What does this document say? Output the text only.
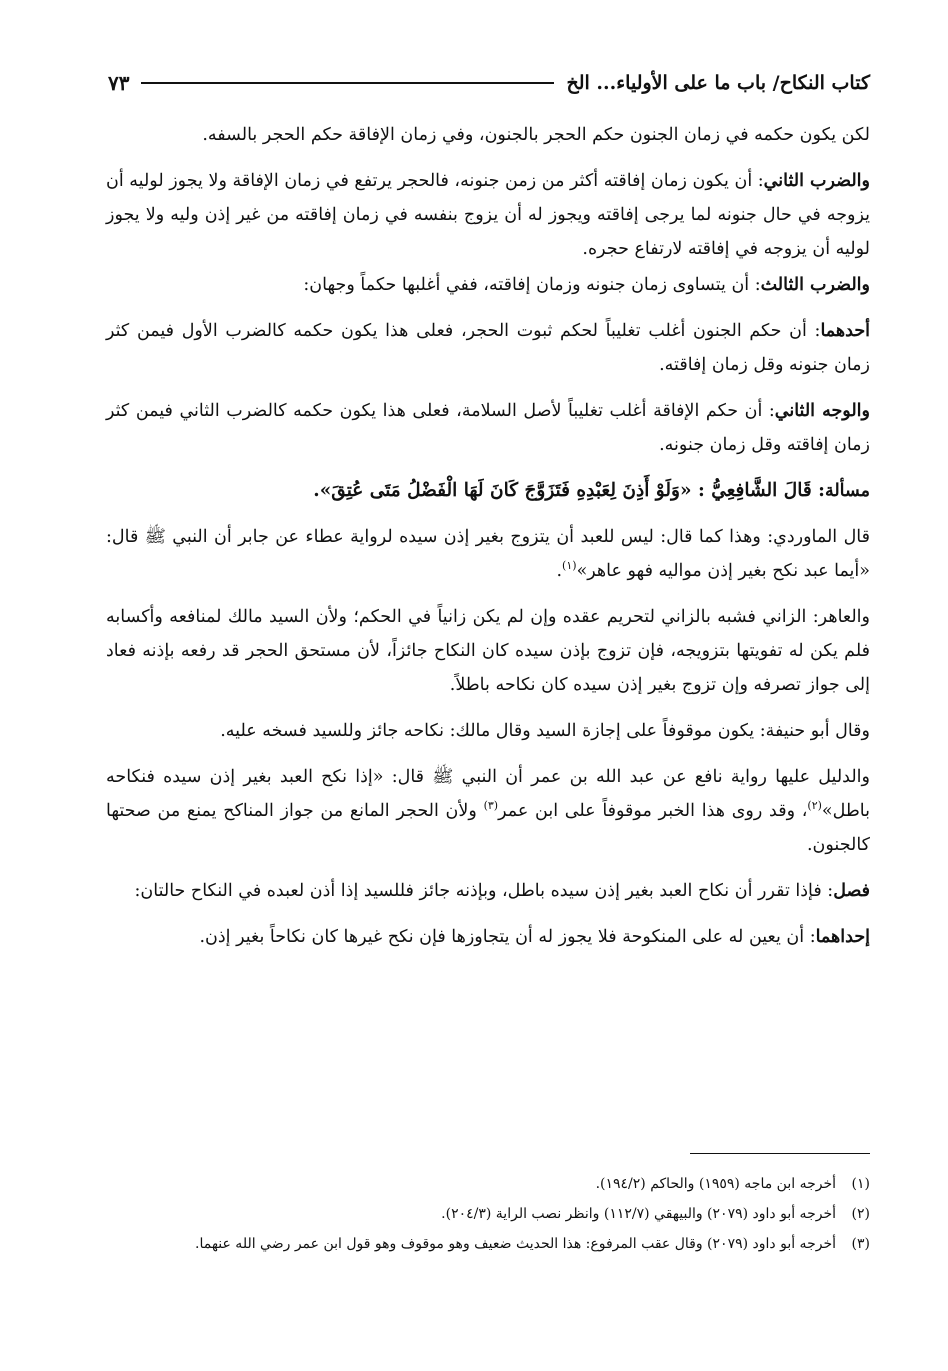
كتاب النكاح/ باب ما على الأولياء... الخ
٧٣

لكن يكون حكمه في زمان الجنون حكم الحجر بالجنون، وفي زمان الإفاقة حكم الحجر بالسفه.

والضرب الثاني: أن يكون زمان إفاقته أكثر من زمن جنونه، فالحجر يرتفع في زمان الإفاقة ولا يجوز لوليه أن يزوجه في حال جنونه لما يرجى إفاقته ويجوز له أن يزوج بنفسه في زمان إفاقته من غير إذن وليه ولا يجوز لوليه أن يزوجه في إفاقته لارتفاع حجره.

والضرب الثالث: أن يتساوى زمان جنونه وزمان إفاقته، ففي أغلبها حكماً وجهان:

أحدهما: أن حكم الجنون أغلب تغليباً لحكم ثبوت الحجر، فعلى هذا يكون حكمه كالضرب الأول فيمن كثر زمان جنونه وقل زمان إفاقته.

والوجه الثاني: أن حكم الإفاقة أغلب تغليباً لأصل السلامة، فعلى هذا يكون حكمه كالضرب الثاني فيمن كثر زمان إفاقته وقل زمان جنونه.

مسألة: قَالَ الشَّافِعِيُّ : «وَلَوْ أَذِنَ لِعَبْدِهِ فَتَزَوَّجَ كَانَ لَهَا الْفَضْلُ مَتَى عُتِقَ».

قال الماوردي: وهذا كما قال: ليس للعبد أن يتزوج بغير إذن سيده لرواية عطاء عن جابر أن النبي ﷺ قال: «أيما عبد نكح بغير إذن مواليه فهو عاهر»$^{(١)}$.

والعاهر: الزاني فشبه بالزاني لتحريم عقده وإن لم يكن زانياً في الحكم؛ ولأن السيد مالك لمنافعه وأكسابه فلم يكن له تفويتها بتزويجه، فإن تزوج بإذن سيده كان النكاح جائزاً، لأن مستحق الحجر قد رفعه بإذنه فعاد إلى جواز تصرفه وإن تزوج بغير إذن سيده كان نكاحه باطلاً.

وقال أبو حنيفة: يكون موقوفاً على إجازة السيد وقال مالك: نكاحه جائز وللسيد فسخه عليه.

والدليل عليها رواية نافع عن عبد الله بن عمر أن النبي ﷺ قال: «إذا نكح العبد بغير إذن سيده فنكاحه باطل»$^{(٢)}$، وقد روى هذا الخبر موقوفاً على ابن عمر$^{(٣)}$ ولأن الحجر المانع من جواز المناكح يمنع من صحتها كالجنون.

فصل: فإذا تقرر أن نكاح العبد بغير إذن سيده باطل، وبإذنه جائز فللسيد إذا أذن لعبده في النكاح حالتان:

إحداهما: أن يعين له على المنكوحة فلا يجوز له أن يتجاوزها فإن نكح غيرها كان نكاحاً بغير إذن.

(١)
أخرجه ابن ماجه (١٩٥٩) والحاكم (١٩٤/٢).
(٢)
أخرجه أبو داود (٢٠٧٩) والبيهقي (١١٢/٧) وانظر نصب الراية (٢٠٤/٣).
(٣)
أخرجه أبو داود (٢٠٧٩) وقال عقب المرفوع: هذا الحديث ضعيف وهو موقوف وهو قول ابن عمر رضي الله عنهما.
